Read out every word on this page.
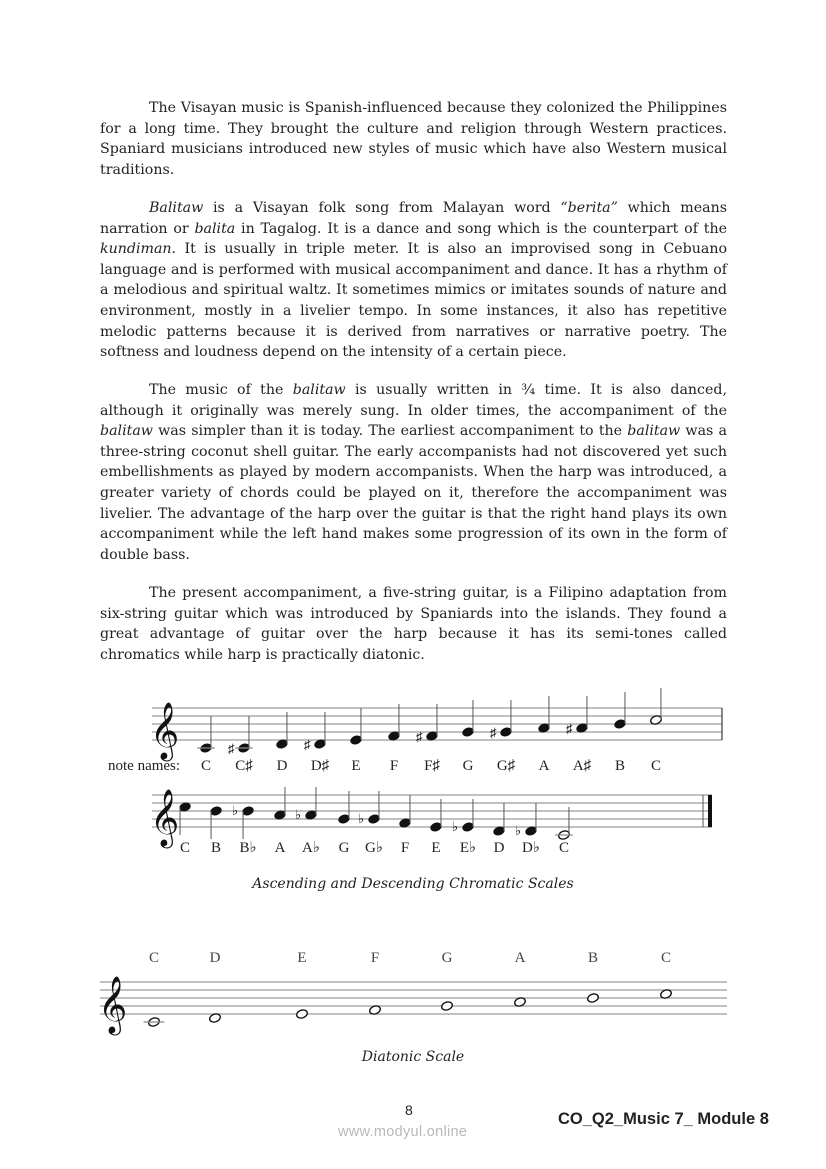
The Visayan music is Spanish-influenced because they colonized the Philippines for a long time. They brought the culture and religion through Western practices. Spaniard musicians introduced new styles of music which have also Western musical traditions.

Balitaw is a Visayan folk song from Malayan word “berita” which means narration or balita in Tagalog. It is a dance and song which is the counterpart of the kundiman. It is usually in triple meter. It is also an improvised song in Cebuano language and is performed with musical accompaniment and dance. It has a rhythm of a melodious and spiritual waltz. It sometimes mimics or imitates sounds of nature and environment, mostly in a livelier tempo. In some instances, it also has repetitive melodic patterns because it is derived from narratives or narrative poetry. The softness and loudness depend on the intensity of a certain piece.

The music of the balitaw is usually written in ¾ time. It is also danced, although it originally was merely sung. In older times, the accompaniment of the balitaw was simpler than it is today. The earliest accompaniment to the balitaw was a three-string coconut shell guitar. The early accompanists had not discovered yet such embellishments as played by modern accompanists. When the harp was introduced, a greater variety of chords could be played on it, therefore the accompaniment was livelier. The advantage of the harp over the guitar is that the right hand plays its own accompaniment while the left hand makes some progression of its own in the form of double bass.

The present accompaniment, a five-string guitar, is a Filipino adaptation from six-string guitar which was introduced by Spaniards into the islands. They found a great advantage of guitar over the harp because it has its semi-tones called chromatics while harp is practically diatonic.

𝄞
note names: C
♯
C♯ D
♯
D♯ E F
♯
F♯ G
♯
G♯ A
♯
A♯ B C
𝄞
C B
♭
B♭ A
♭
A♭ G
♭
G♭ F E
♭
E♭ D
♭
D♭ C
𝄞
C	D	E	F	G	A	B	C
Ascending and Descending Chromatic Scales
Diatonic Scale
8	CO_Q2_Music 7_ Module 8
www.modyul.online
